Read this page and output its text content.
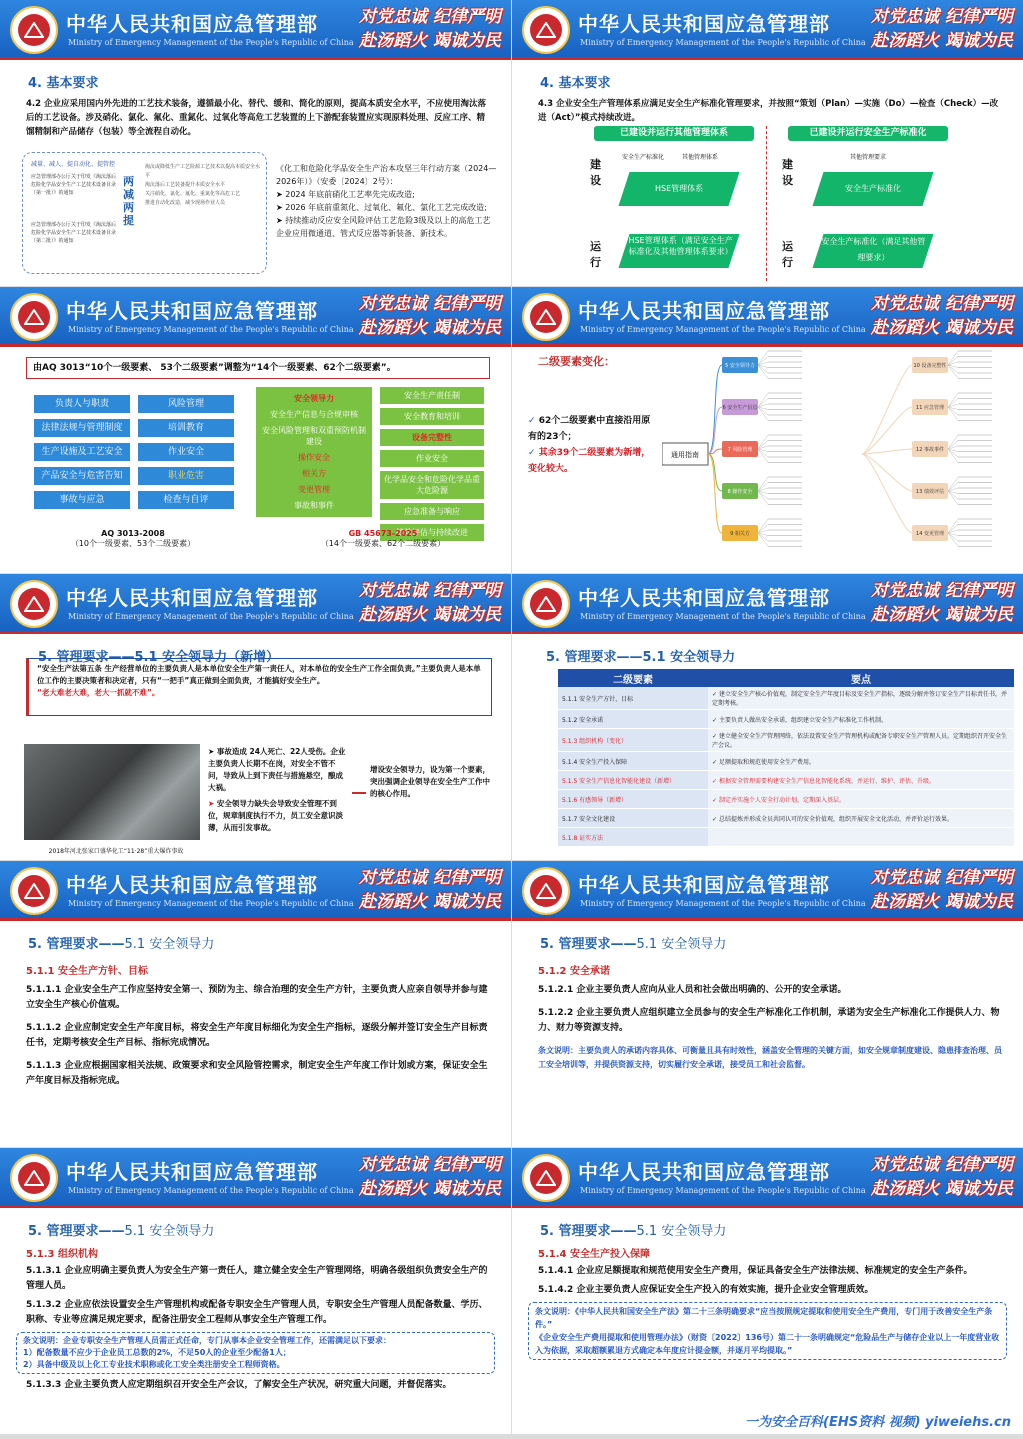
中华人民共和国应急管理部
Ministry of Emergency Management of the People's Republic of China
对党忠诚 纪律严明
赴汤蹈火 竭诚为民
4. 基本要求
4.2 企业应采用国内外先进的工艺技术装备，遵循最小化、替代、缓和、简化的原则，提高本质安全水平，不应使用淘汰落后的工艺设备。涉及硝化、氯化、氟化、重氮化、过氧化等高危工艺装置的上下游配套装置应实现原料处理、反应工序、精馏精制和产品储存（包装）等全流程自动化。
减量、减人、提自动化、提管控
应急管理部办公厅关于印发《淘汰落后危险化学品安全生产工艺技术设备目录（第一批）》的通知
应急管理部办公厅关于印发《淘汰落后危险化学品安全生产工艺技术设备目录（第二批）》的通知
两减两提
淘汰或降低生产工艺险源工艺技术以提高本质安全水平
淘汰落后工艺装备提升本质安全水平
关注硝化、氯化、氟化、重氮化等高危工艺
推进自动化改造，减少现场作业人员
《化工和危险化学品安全生产治本攻坚三年行动方案（2024—2026年）》（安委〔2024〕2号）：
➤ 2024 年底前硝化工艺率先完成改造;
➤ 2026 年底前重氮化、过氧化、氟化、氯化工艺完成改造;
➤ 持续推动反应安全风险评估工艺危险3级及以上的高危工艺企业应用微通道、管式反应器等新装备、新技术。
中华人民共和国应急管理部
Ministry of Emergency Management of the People's Republic of China
对党忠诚 纪律严明
赴汤蹈火 竭诚为民
4. 基本要求
4.3 企业安全生产管理体系应满足安全生产标准化管理要求，并按照“策划（Plan）—实施（Do）—检查（Check）—改进（Act）”模式持续改进。
已建设并运行其他管理体系	已建设并运行安全生产标准化
建设
运行
建设
运行
安全生产标准化	其他管理体系
HSE管理体系
HSE管理体系（满足安全生产标准化及其他管理体系要求）
其他管理要求
安全生产标准化
安全生产标准化（满足其他管理要求）
中华人民共和国应急管理部
Ministry of Emergency Management of the People's Republic of China
对党忠诚 纪律严明
赴汤蹈火 竭诚为民
由AQ 3013“10个一级要素、 53个二级要素”调整为“14个一级要素、62个二级要素”。
负责人与职责	风险管理
法律法规与管理制度	培训教育
生产设施及工艺安全	作业安全
产品安全与危害告知	职业危害
事故与应急	检查与自评
安全领导力
安全生产信息与合规审核
安全风险管理和双重预防机制建设
操作安全
相关方
变更管理
事故和事件
安全生产责任制
安全教育和培训
设备完整性
作业安全
化学品安全和危险化学品重大危险源
应急准备与响应
绩效评估与持续改进
AQ 3013-2008
（10个一级要素、53个二级要素）
GB 45673-2025
（14个一级要素、62个二级要素）
中华人民共和国应急管理部
Ministry of Emergency Management of the People's Republic of China
对党忠诚 纪律严明
赴汤蹈火 竭诚为民
二级要素变化：
✓ 62个二级要素中直接沿用原有的23个；
✓ 其余39个二级要素为新增，变化较大。
通用指南
5 安全领导力
6 安全生产信息
7 风险管理
8 操作安全
9 相关方
10 设备完整性
11 应急管理
12 事故事件
13 绩效评估
14 变更管理
中华人民共和国应急管理部
Ministry of Emergency Management of the People's Republic of China
对党忠诚 纪律严明
赴汤蹈火 竭诚为民
5. 管理要求——5.1 安全领导力（新增）
“安全生产法第五条 生产经营单位的主要负责人是本单位安全生产第一责任人，对本单位的安全生产工作全面负责。”主要负责人是本单位工作的主要决策者和决定者，只有“一把手”真正做到全面负责，才能搞好安全生产。
“老大难老大难，老大一抓就不难”。
2018年河北张家口盛华化工“11·28”重大爆炸事故
➤ 事故造成 24人死亡、22人受伤。企业主要负责人长期不在岗，对安全不管不问，导致从上到下责任与措施悬空，酿成大祸。
➤ 安全领导力缺失会导致安全管理不到位，规章制度执行不力，员工安全意识淡薄，从而引发事故。
增设安全领导力，设为第一个要素，突出强调企业领导在安全生产工作中的核心作用。
中华人民共和国应急管理部
Ministry of Emergency Management of the People's Republic of China
对党忠诚 纪律严明
赴汤蹈火 竭诚为民
5. 管理要求——5.1 安全领导力
二级要素	要点
5.1.1 安全生产方针、目标	✓ 建立安全生产核心价值观，制定安全生产年度目标及安全生产指标，逐级分解并签订安全生产目标责任书，并定期考核。
5.1.2 安全承诺	✓ 主要负责人做出安全承诺，组织建立安全生产标准化工作机制。
5.1.3 组织机构（变化）	✓ 建立健全安全生产管理网络，依法设置安全生产管理机构或配备专职安全生产管理人员。定期组织召开安全生产会议。
5.1.4 安全生产投入保障	✓ 足额提取和规范使用安全生产费用。
5.1.5 安全生产信息化智能化建设（新增）	✓ 根据安全管理需要构建安全生产信息化智能化系统，并运行、维护、评估、升级。
5.1.6 有感领导（新增）	✓ 制定并实施个人安全行动计划，定期深入基层。
5.1.7 安全文化建设	✓ 总结提炼并形成全员共同认可的安全价值观，组织开展安全文化活动，并评价运行效果。
5.1.8 证实方法	
中华人民共和国应急管理部
Ministry of Emergency Management of the People's Republic of China
对党忠诚 纪律严明
赴汤蹈火 竭诚为民
5. 管理要求——5.1 安全领导力
5.1.1 安全生产方针、目标
5.1.1.1 企业安全生产工作应坚持安全第一、预防为主、综合治理的安全生产方针，主要负责人应亲自领导并参与建立安全生产核心价值观。
5.1.1.2 企业应制定安全生产年度目标，将安全生产年度目标细化为安全生产指标，逐级分解并签订安全生产目标责任书，定期考核安全生产目标、指标完成情况。
5.1.1.3 企业应根据国家相关法规、政策要求和安全风险管控需求，制定安全生产年度工作计划或方案，保证安全生产年度目标及指标完成。
中华人民共和国应急管理部
Ministry of Emergency Management of the People's Republic of China
对党忠诚 纪律严明
赴汤蹈火 竭诚为民
5. 管理要求——5.1 安全领导力
5.1.2 安全承诺
5.1.2.1 企业主要负责人应向从业人员和社会做出明确的、公开的安全承诺。
5.1.2.2 企业主要负责人应组织建立全员参与的安全生产标准化工作机制，承诺为安全生产标准化工作提供人力、物力、财力等资源支持。
条文说明：主要负责人的承诺内容具体、可衡量且具有时效性，涵盖安全管理的关键方面，如安全规章制度建设、隐患排查治理、员工安全培训等，并提供资源支持，切实履行安全承诺，接受员工和社会监督。
中华人民共和国应急管理部
Ministry of Emergency Management of the People's Republic of China
对党忠诚 纪律严明
赴汤蹈火 竭诚为民
5. 管理要求——5.1 安全领导力
5.1.3 组织机构
5.1.3.1 企业应明确主要负责人为安全生产第一责任人，建立健全安全生产管理网络，明确各级组织负责安全生产的管理人员。
5.1.3.2 企业应依法设置安全生产管理机构或配备专职安全生产管理人员，专职安全生产管理人员配备数量、学历、职称、专业等应满足规定要求，配备注册安全工程师从事安全生产管理工作。
条文说明：企业专职安全生产管理人员需正式任命，专门从事本企业安全管理工作，还需满足以下要求：
1）配备数量不应少于企业员工总数的2%，不足50人的企业至少配备1人；
2）具备中级及以上化工专业技术职称或化工安全类注册安全工程师资格。
5.1.3.3 企业主要负责人应定期组织召开安全生产会议，了解安全生产状况，研究重大问题，并督促落实。
中华人民共和国应急管理部
Ministry of Emergency Management of the People's Republic of China
对党忠诚 纪律严明
赴汤蹈火 竭诚为民
5. 管理要求——5.1 安全领导力
5.1.4 安全生产投入保障
5.1.4.1 企业应足额提取和规范使用安全生产费用，保证具备安全生产法律法规、标准规定的安全生产条件。
5.1.4.2 企业主要负责人应保证安全生产投入的有效实施，提升企业安全管理质效。
条文说明：《中华人民共和国安全生产法》第二十三条明确要求“应当按照规定提取和使用安全生产费用，专门用于改善安全生产条件。”
《企业安全生产费用提取和使用管理办法》（财资〔2022〕136号）第二十一条明确规定“危险品生产与储存企业以上一年度营业收入为依据，采取超额累退方式确定本年度应计提金额，并逐月平均提取。”
一为安全百科(EHS资料 视频) yiweiehs.cn
